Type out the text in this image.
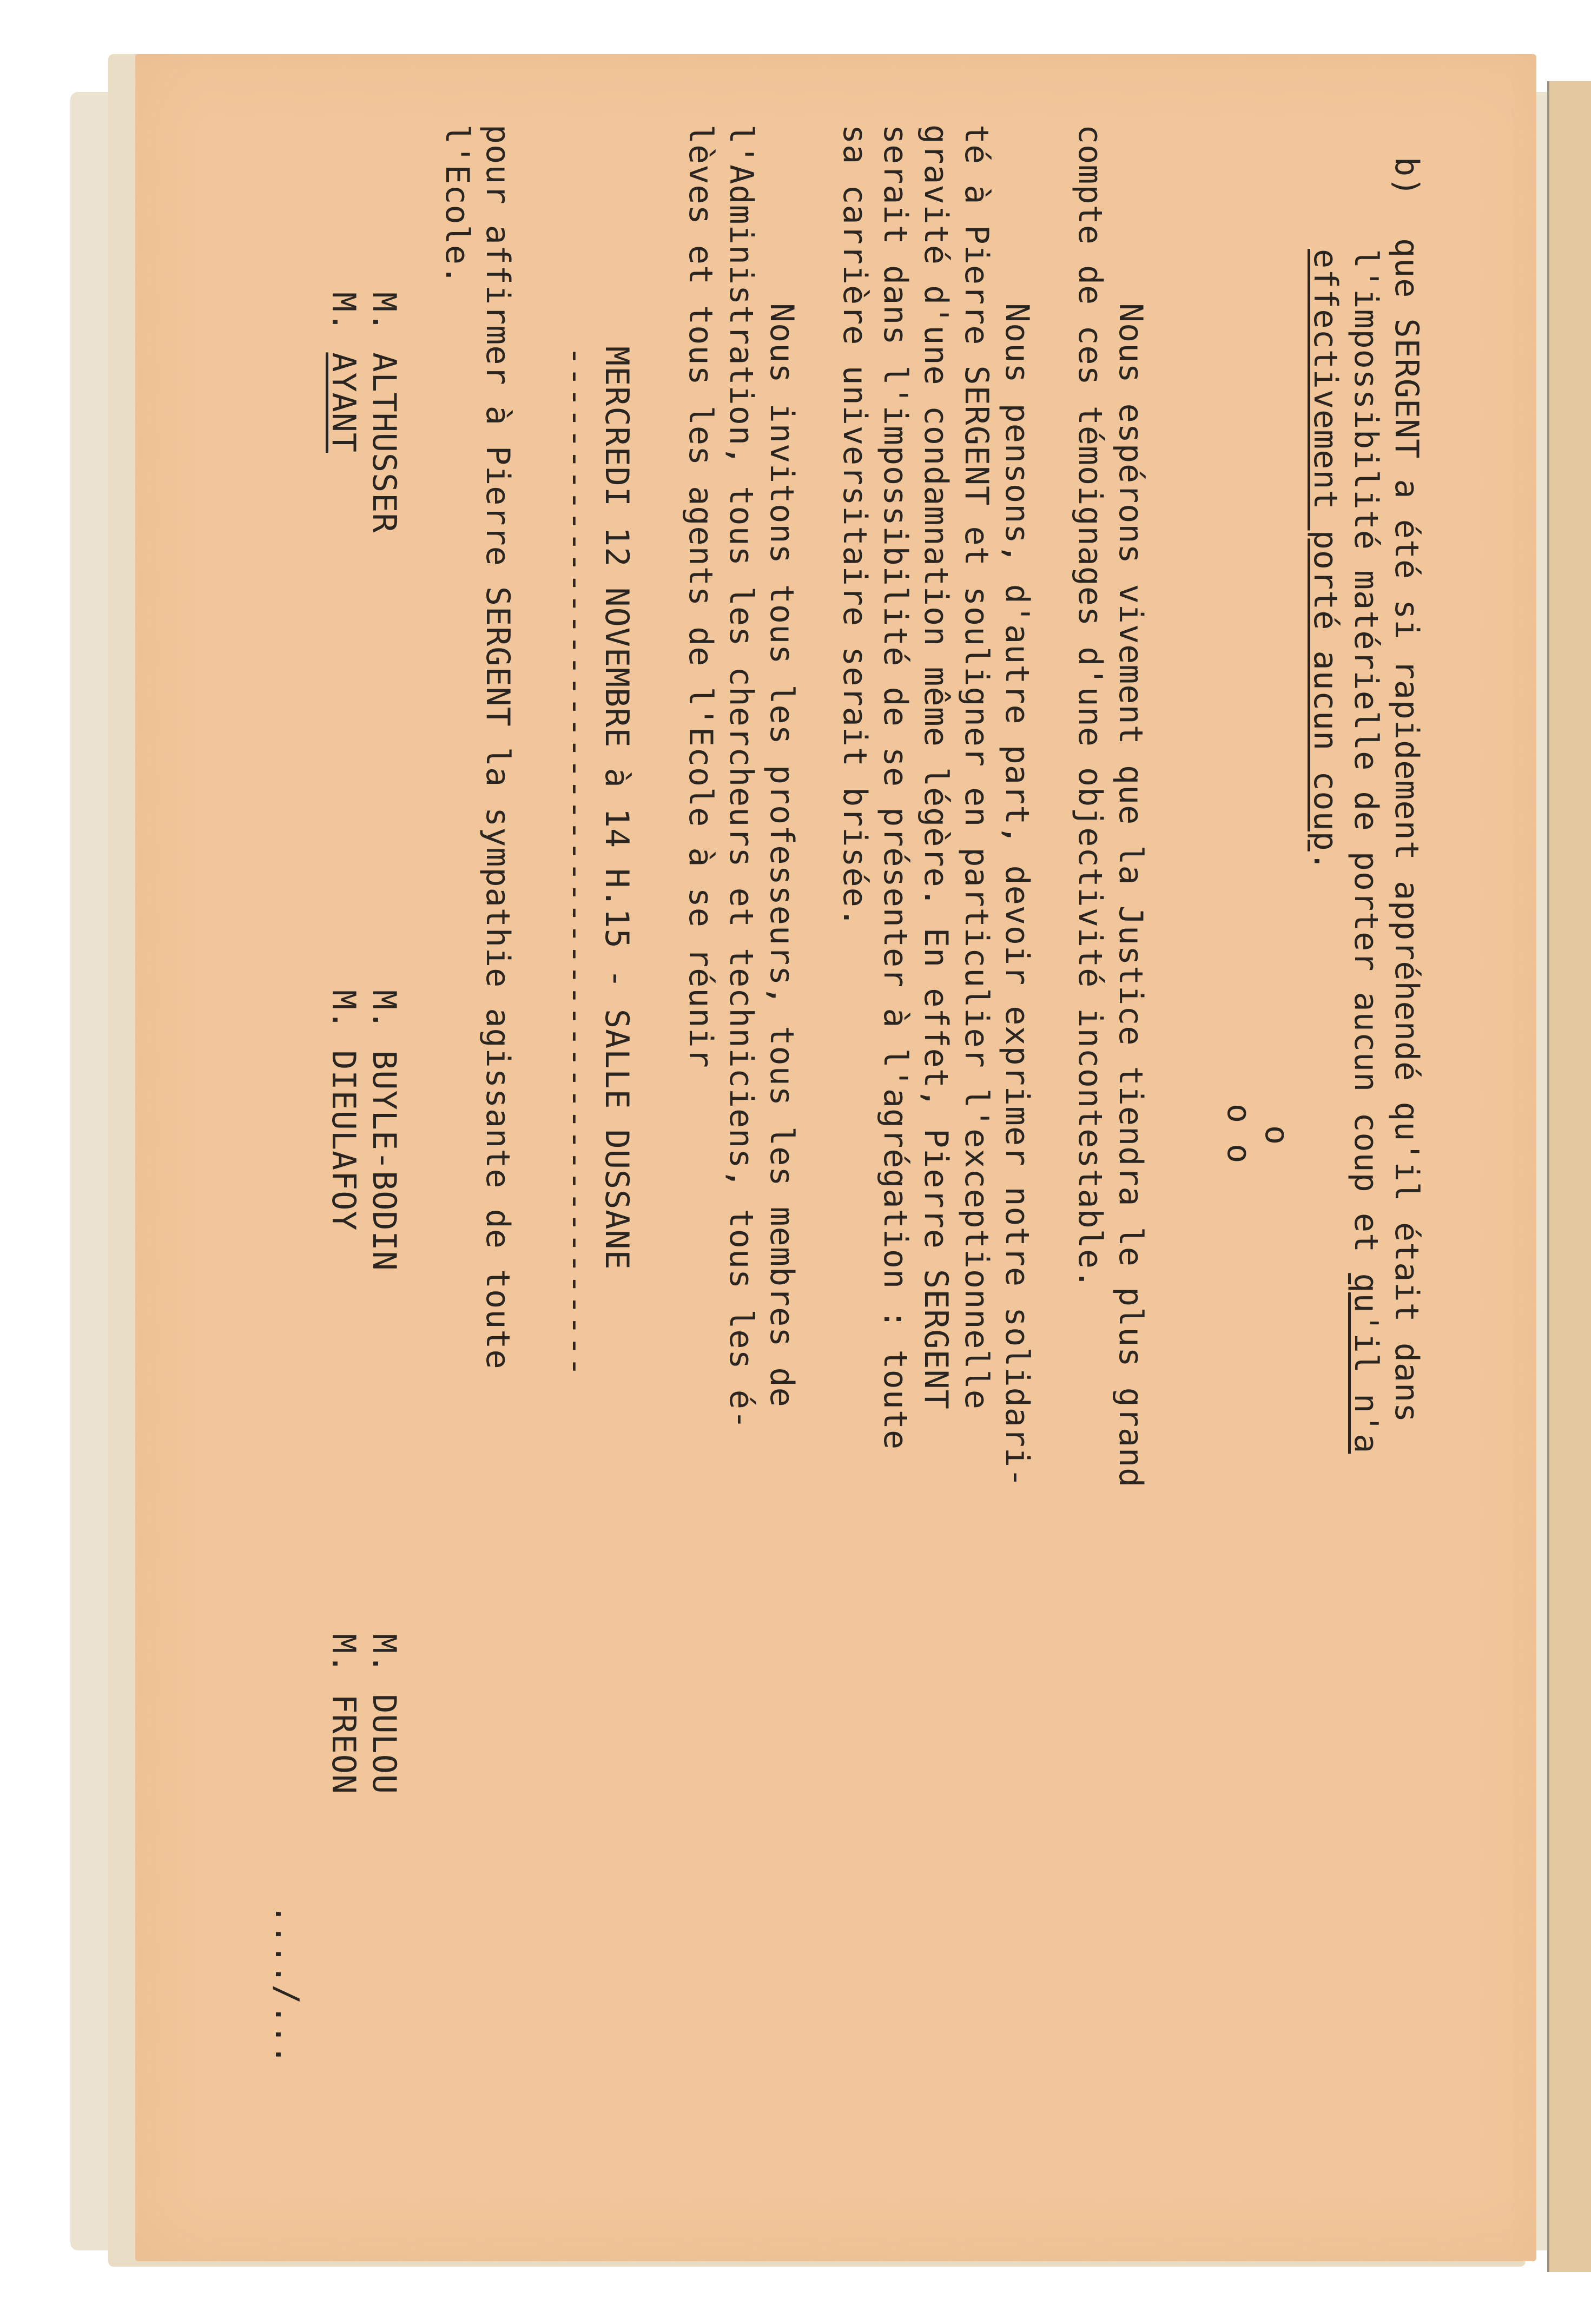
b)
que SERGENT a été si rapidement appréhendé qu'il était dans
l'impossibilité matérielle de porter aucun coup et qu'il n'a
effectivement porté aucun coup.
o
o o
Nous espérons vivement que la Justice tiendra le plus grand
compte de ces témoignages d'une objectivité incontestable.
Nous pensons, d'autre part, devoir exprimer notre solidari-
té à Pierre SERGENT et souligner en particulier l'exceptionnelle
gravité d'une condamnation même légère. En effet, Pierre SERGENT
serait dans l'impossibilité de se présenter à l'agrégation : toute
sa carrière universitaire serait brisée.
Nous invitons tous les professeurs, tous les membres de
l'Administration, tous les chercheurs et techniciens, tous les é-
lèves et tous les agents de l'Ecole à se réunir
MERCREDI 12 NOVEMBRE à 14 H.15 - SALLE DUSSANE
--------------------------------------------------
pour affirmer à Pierre SERGENT la sympathie agissante de toute
l'Ecole.
M. ALTHUSSER
M. BUYLE-BODIN
M. DULOU
M. AYANT
M. DIEULAFOY
M. FREON
..../...
